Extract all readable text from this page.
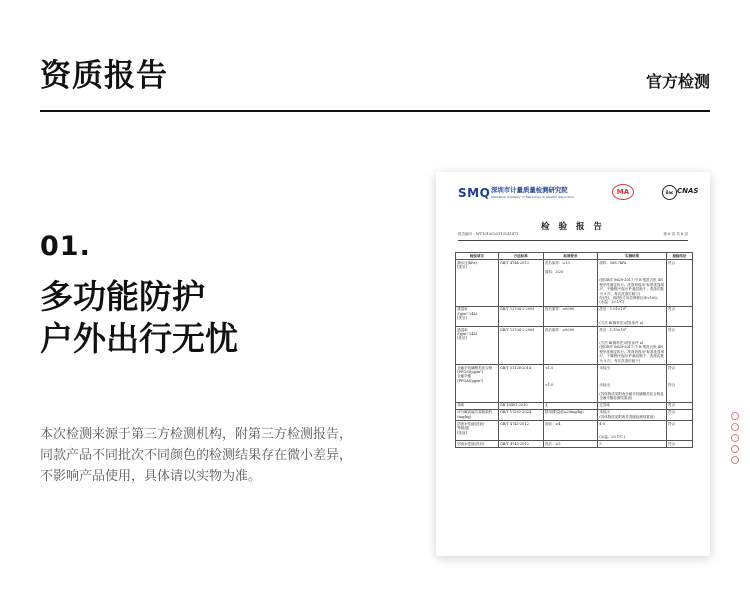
资质报告	官方检测
01.
多功能防护
户外出行无忧
本次检测来源于第三方检测机构，附第三方检测报告，
同款产品不同批次不同颜色的检测结果存在微小差异，
不影响产品使用，具体请以实物为准。
SMQ 深圳市计量质量检测研究院
Shenzhen Academy of Metrology & Quality Inspection
MA	ilac CNAS
检 验 报 告
报告编号：WT1010023113141471	第 6 页 共 8 页
检验项目	方法标准	标准要求	实测结果	检验结论
静水压(kPa)
[洗后]	GB/T 4744-2013	洗后原样：≥13

面料：3/20	面料：168.7kPa

(按GB/T 8629-2017 中 B 型洗衣机 4N 程序洗测定执行。洗涤剂选用"标准洗涤剂3"，干燥程序选用 F-悬挂晾干；洗涤次数为 5 次，每次洗涤后晾干)
经(洗)、再(脱)方向拉伸伸长率<10%
(水温：20.1℃)	符合
透湿率
/(g/m²·24h)
[洗后]	GB/T 12704.2-2009	洗后原样：≥8000	洗后：1.01×10⁴

(方法 B(倒杯法)试验条件 a)	符合
透湿率
/(g/m²·24h)
[洗后]	GB/T 12704.2-2009	洗后原样：≥8000	洗后：1.19×10⁴

(方法 B(倒杯法)试验条件 a)
(按GB/T 8629-2017 中 B 型洗衣机 4N 程序洗测定执行。洗涤剂选用"标准洗涤剂3"，干燥程序选用 F-悬挂晾干；洗涤次数为 5 次，每次洗涤后晾干)	符合
全氟辛烷磺酰类化合物
(PFOS)(μg/m²)
全氟辛酸
(PFOA)(μg/m²)	GB/T 31126-2014	<1.0

<1.0	未检出

未检出

(具体物质见附表全氟辛烷磺酰类化合物及全氟辛酸检测结果表)	符合

符合
异味	GB 18401-2010	无	无异味	符合
可分解致癌芳香胺染料(mg/kg)	GB/T 17592-2024	禁用(限量值≤20mg/kg)	未检出
(具体物质见附表芳香胺检测结果表)	符合
防泼水性能(洗前)
等级/级
[洗前]	GB/T 4745-2012	洗前：≥4	4-5

(水温：20.1℃ )	符合
防泼水性能(洗后)	GB/T 4745-2012	洗后：≥3	3	符合
